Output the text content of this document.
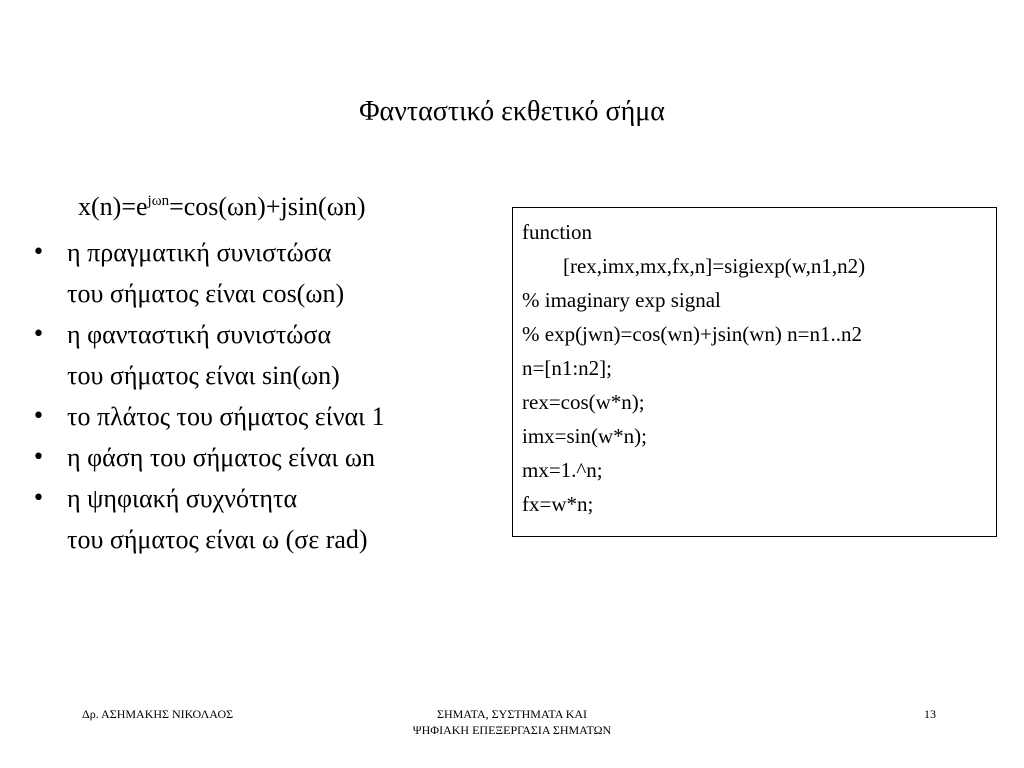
Φανταστικό εκθετικό σήμα
$x(n)=e^{j\omega n}=\cos(\omega n)+jsin(\omega n)$
• η πραγματική συνιστώσα
του σήματος είναι cos(ωn)
• η φανταστική συνιστώσα
του σήματος είναι sin(ωn)
• το πλάτος του σήματος είναι 1
• η φάση του σήματος είναι ωn
• η ψηφιακή συχνότητα
του σήματος είναι ω (σε rad)
function
[rex,imx,mx,fx,n]=sigiexp(w,n1,n2)
% imaginary exp signal
% exp(jwn)=cos(wn)+jsin(wn) n=n1..n2
n=[n1:n2];
rex=cos(w*n);
imx=sin(w*n);
mx=1.^n;
fx=w*n;
Δρ. ΑΣΗΜΑΚΗΣ ΝΙΚΟΛΑΟΣ	ΣΗΜΑΤΑ, ΣΥΣΤΗΜΑΤΑ ΚΑΙ
ΨΗΦΙΑΚΗ ΕΠΕΞΕΡΓΑΣΙΑ ΣΗΜΑΤΩΝ
13
